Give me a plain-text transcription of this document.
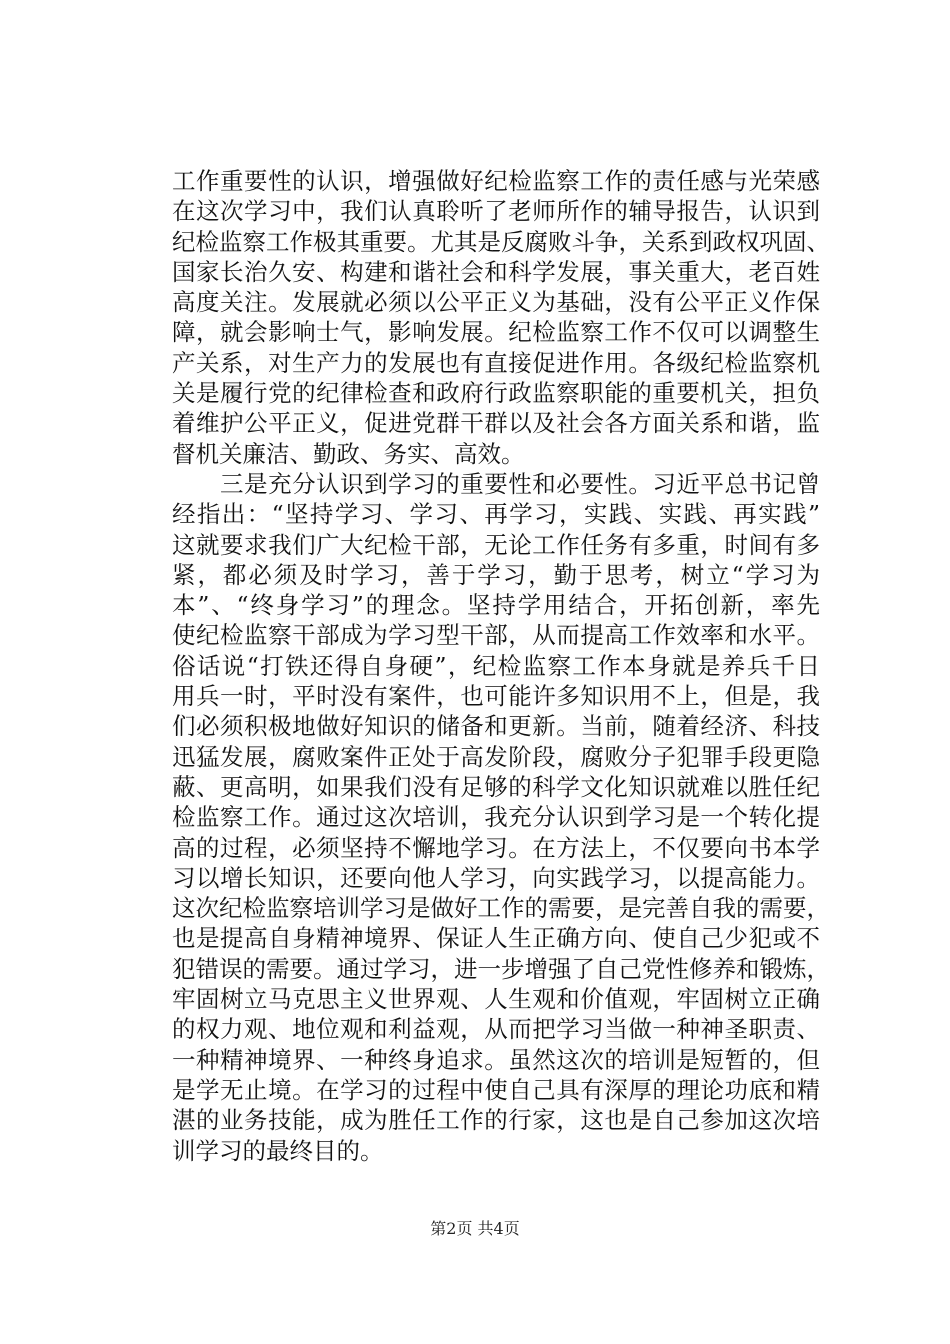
工作重要性的认识，增强做好纪检监察工作的责任感与光荣感
在这次学习中，我们认真聆听了老师所作的辅导报告，认识到
纪检监察工作极其重要。尤其是反腐败斗争，关系到政权巩固、
国家长治久安、构建和谐社会和科学发展，事关重大，老百姓
高度关注。发展就必须以公平正义为基础，没有公平正义作保
障，就会影响士气，影响发展。纪检监察工作不仅可以调整生
产关系，对生产力的发展也有直接促进作用。各级纪检监察机
关是履行党的纪律检查和政府行政监察职能的重要机关，担负
着维护公平正义，促进党群干群以及社会各方面关系和谐，监
督机关廉洁、勤政、务实、高效。
　　三是充分认识到学习的重要性和必要性。习近平总书记曾
经指出：“坚持学习、学习、再学习，实践、实践、再实践”
这就要求我们广大纪检干部，无论工作任务有多重，时间有多
紧，都必须及时学习，善于学习，勤于思考，树立“学习为
本”、“终身学习”的理念。坚持学用结合，开拓创新，率先
使纪检监察干部成为学习型干部，从而提高工作效率和水平。
俗话说“打铁还得自身硬”，纪检监察工作本身就是养兵千日
用兵一时，平时没有案件，也可能许多知识用不上，但是，我
们必须积极地做好知识的储备和更新。当前，随着经济、科技
迅猛发展，腐败案件正处于高发阶段，腐败分子犯罪手段更隐
蔽、更高明，如果我们没有足够的科学文化知识就难以胜任纪
检监察工作。通过这次培训，我充分认识到学习是一个转化提
高的过程，必须坚持不懈地学习。在方法上，不仅要向书本学
习以增长知识，还要向他人学习，向实践学习，以提高能力。
这次纪检监察培训学习是做好工作的需要，是完善自我的需要，
也是提高自身精神境界、保证人生正确方向、使自己少犯或不
犯错误的需要。通过学习，进一步增强了自己党性修养和锻炼，
牢固树立马克思主义世界观、人生观和价值观，牢固树立正确
的权力观、地位观和利益观，从而把学习当做一种神圣职责、
一种精神境界、一种终身追求。虽然这次的培训是短暂的，但
是学无止境。在学习的过程中使自己具有深厚的理论功底和精
湛的业务技能，成为胜任工作的行家，这也是自己参加这次培
训学习的最终目的。
第2页 共4页
